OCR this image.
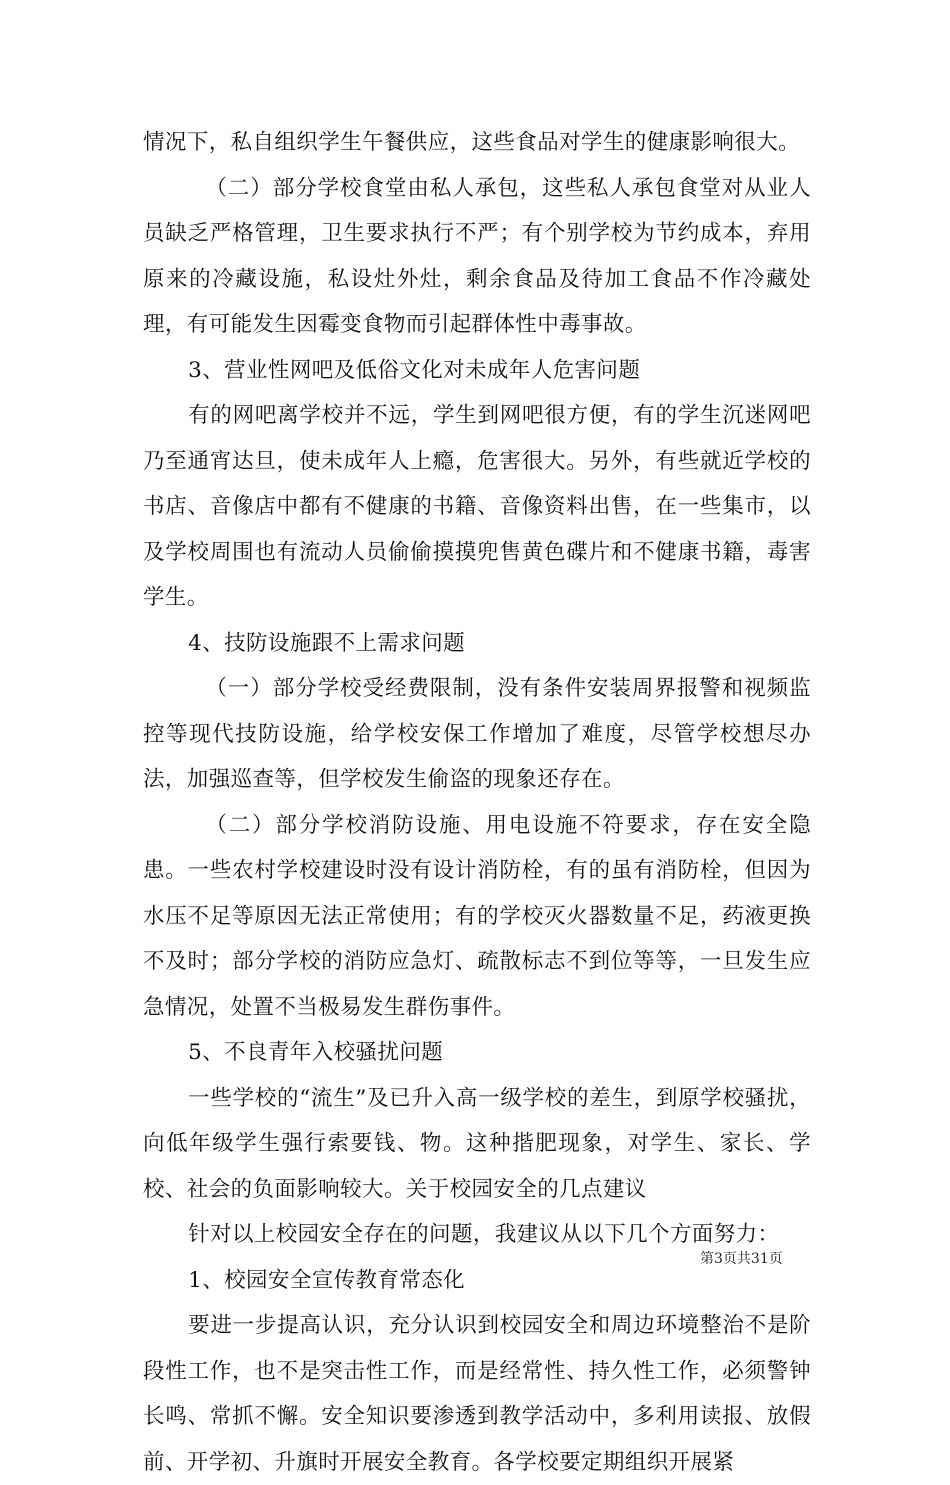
情况下，私自组织学生午餐供应，这些食品对学生的健康影响很大。

（二）部分学校食堂由私人承包，这些私人承包食堂对从业人员缺乏严格管理，卫生要求执行不严；有个别学校为节约成本，弃用原来的冷藏设施，私设灶外灶，剩余食品及待加工食品不作冷藏处理，有可能发生因霉变食物而引起群体性中毒事故。

3、营业性网吧及低俗文化对未成年人危害问题

有的网吧离学校并不远，学生到网吧很方便，有的学生沉迷网吧乃至通宵达旦，使未成年人上瘾，危害很大。另外，有些就近学校的书店、音像店中都有不健康的书籍、音像资料出售，在一些集市，以及学校周围也有流动人员偷偷摸摸兜售黄色碟片和不健康书籍，毒害学生。

4、技防设施跟不上需求问题

（一）部分学校受经费限制，没有条件安装周界报警和视频监控等现代技防设施，给学校安保工作增加了难度，尽管学校想尽办法，加强巡查等，但学校发生偷盗的现象还存在。

（二）部分学校消防设施、用电设施不符要求，存在安全隐患。一些农村学校建设时没有设计消防栓，有的虽有消防栓，但因为水压不足等原因无法正常使用；有的学校灭火器数量不足，药液更换不及时；部分学校的消防应急灯、疏散标志不到位等等，一旦发生应急情况，处置不当极易发生群伤事件。

5、不良青年入校骚扰问题

一些学校的“流生”及已升入高一级学校的差生，到原学校骚扰，向低年级学生强行索要钱、物。这种揩肥现象，对学生、家长、学校、社会的负面影响较大。关于校园安全的几点建议

针对以上校园安全存在的问题，我建议从以下几个方面努力：

1、校园安全宣传教育常态化

要进一步提高认识，充分认识到校园安全和周边环境整治不是阶段性工作，也不是突击性工作，而是经常性、持久性工作，必须警钟长鸣、常抓不懈。安全知识要渗透到教学活动中，多利用读报、放假前、开学初、升旗时开展安全教育。各学校要定期组织开展紧

第3页共31页
